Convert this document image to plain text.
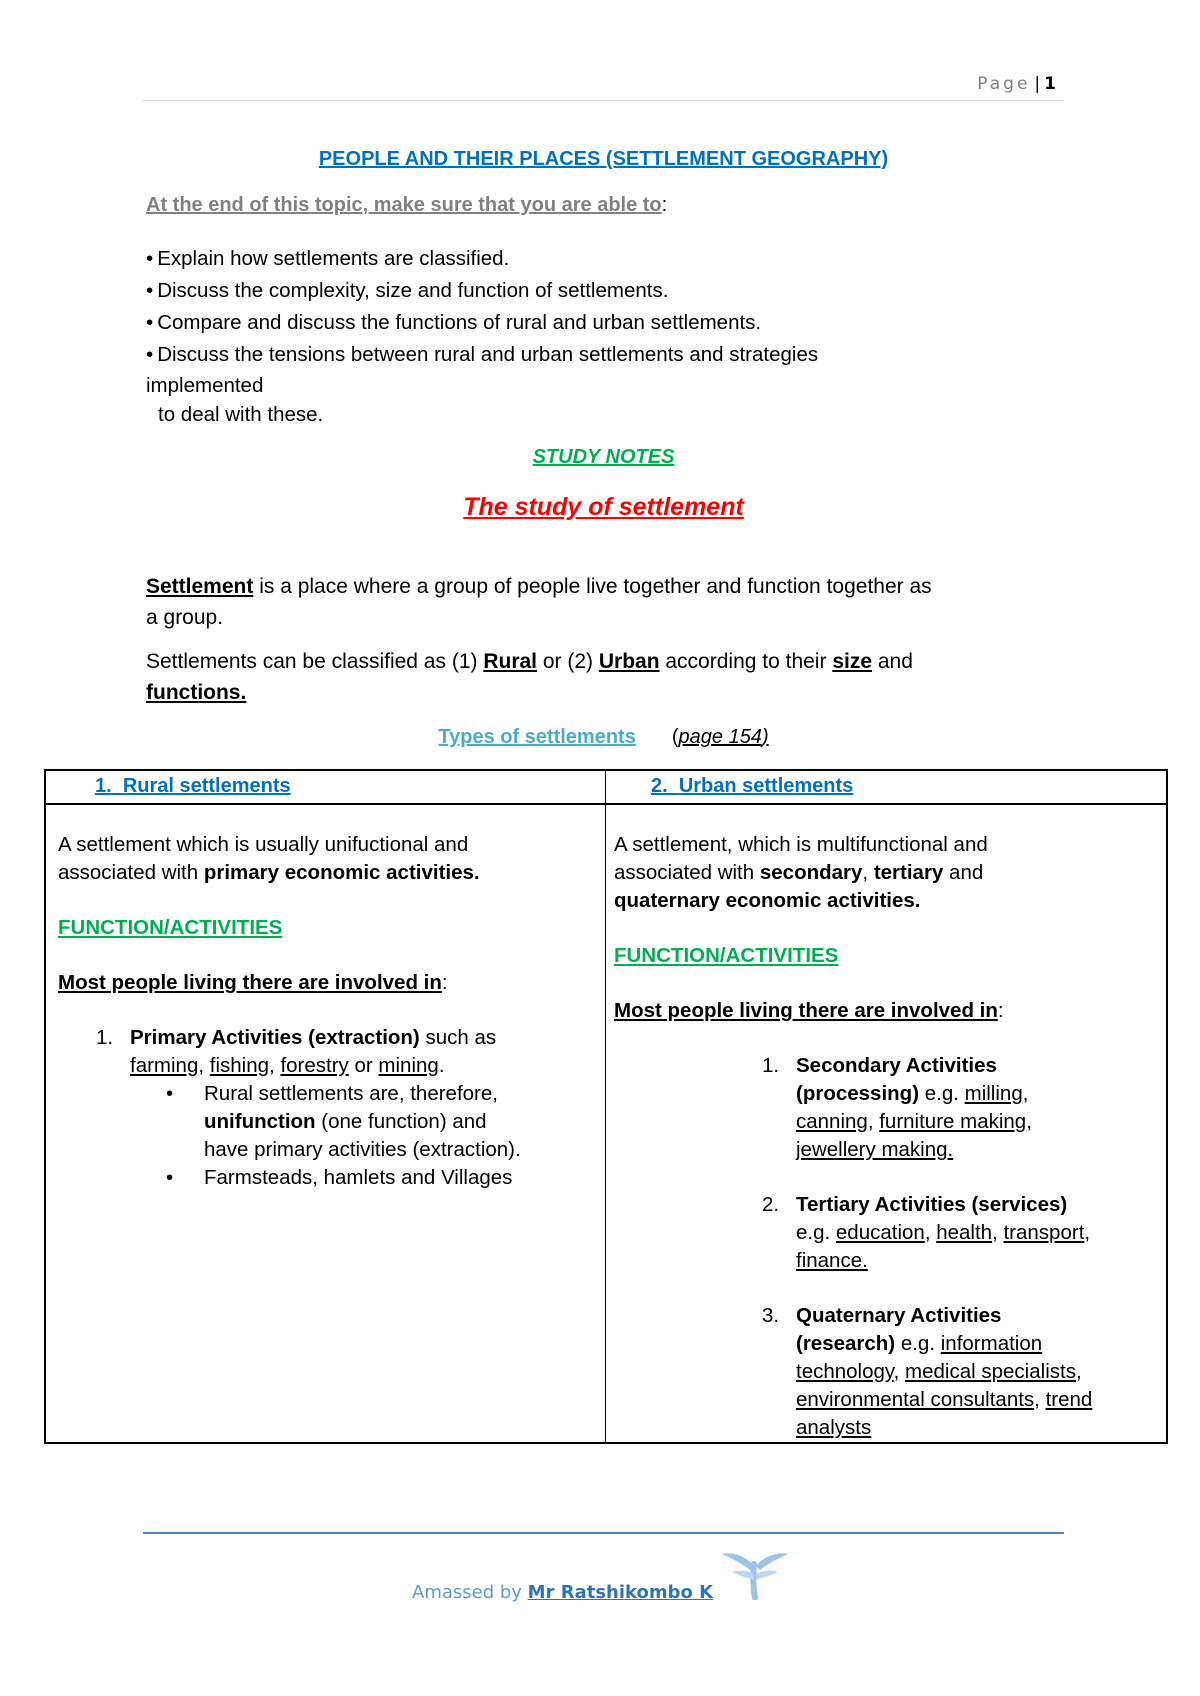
Page | 1
PEOPLE AND THEIR PLACES (SETTLEMENT GEOGRAPHY)
At the end of this topic, make sure that you are able to:
• Explain how settlements are classified.
• Discuss the complexity, size and function of settlements.
• Compare and discuss the functions of rural and urban settlements.
• Discuss the tensions between rural and urban settlements and strategies
implemented
to deal with these.
STUDY NOTES
The study of settlement
Settlement is a place where a group of people live together and function together as
a group.
Settlements can be classified as (1) Rural or (2) Urban according to their size and
functions.
Types of settlements (page 154)
1. Rural settlements	2. Urban settlements

A settlement which is usually unifuctional and
associated with primary economic activities.

FUNCTION/ACTIVITIES

Most people living there are involved in:

1. Primary Activities (extraction) such as
farming, fishing, forestry or mining.
• Rural settlements are, therefore,
unifunction (one function) and
have primary activities (extraction).
• Farmsteads, hamlets and Villages

A settlement, which is multifunctional and
associated with secondary, tertiary and
quaternary economic activities.

FUNCTION/ACTIVITIES

Most people living there are involved in:

1. Secondary Activities
(processing) e.g. milling,
canning, furniture making,
jewellery making.
2. Tertiary Activities (services)
e.g. education, health, transport,
finance.
3. Quaternary Activities
(research) e.g. information
technology, medical specialists,
environmental consultants, trend
analysts
Amassed by Mr Ratshikombo K
